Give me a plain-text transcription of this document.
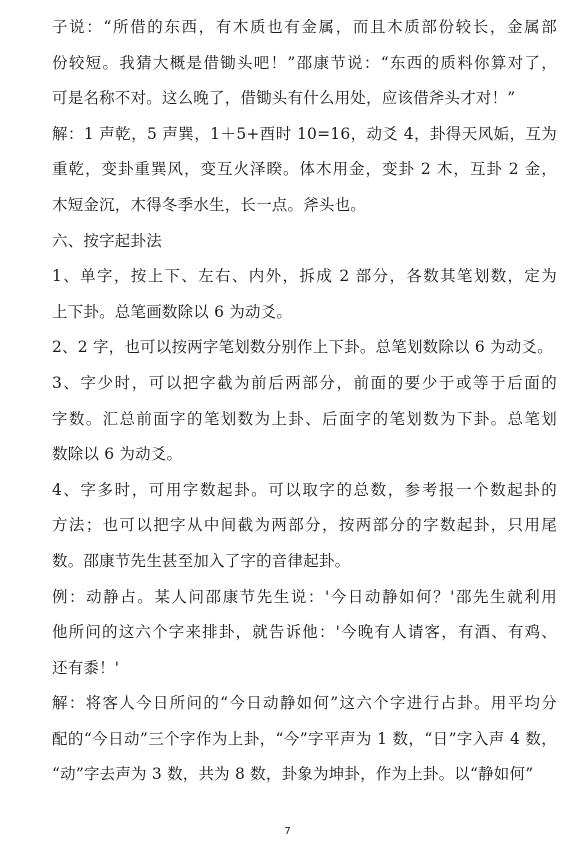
子说：“所借的东西，有木质也有金属，而且木质部份较长，金属部
份较短。我猜大概是借锄头吧！”邵康节说：“东西的质料你算对了，
可是名称不对。这么晚了，借锄头有什么用处，应该借斧头才对！”
解：1 声乾，5 声巽，1＋5+酉时 10=16，动爻 4，卦得天风姤，互为
重乾，变卦重巽风，变互火泽睽。体木用金，变卦 2 木，互卦 2 金，
木短金沉，木得冬季水生，长一点。斧头也。
六、按字起卦法
1、单字，按上下、左右、内外，拆成 2 部分，各数其笔划数，定为
上下卦。总笔画数除以 6 为动爻。
2、2 字，也可以按两字笔划数分别作上下卦。总笔划数除以 6 为动爻。
3、字少时，可以把字截为前后两部分，前面的要少于或等于后面的
字数。汇总前面字的笔划数为上卦、后面字的笔划数为下卦。总笔划
数除以 6 为动爻。
4、字多时，可用字数起卦。可以取字的总数，参考报一个数起卦的
方法；也可以把字从中间截为两部分，按两部分的字数起卦，只用尾
数。邵康节先生甚至加入了字的音律起卦。
例：动静占。某人问邵康节先生说：'今日动静如何？'邵先生就利用
他所问的这六个字来排卦，就告诉他：'今晚有人请客，有酒、有鸡、
还有黍！'
解：将客人今日所问的“今日动静如何”这六个字进行占卦。用平均分
配的“今日动”三个字作为上卦，“今”字平声为 1 数，“日”字入声 4 数，
“动”字去声为 3 数，共为 8 数，卦象为坤卦，作为上卦。以“静如何”
7
